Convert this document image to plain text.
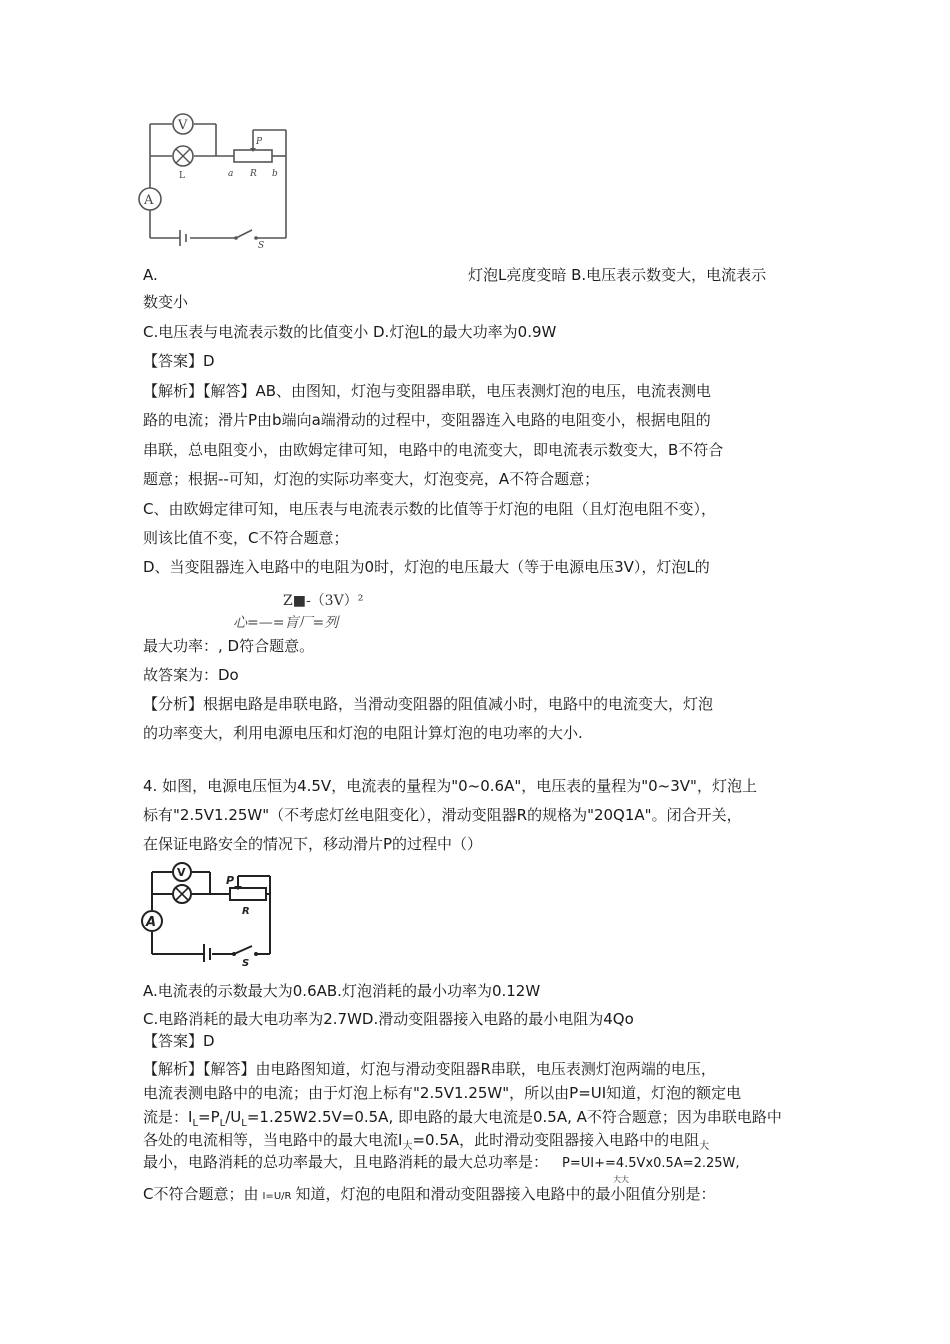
V
A
P
L	a R b
S
A.	灯泡L亮度变暗 B.电压表示数变大，电流表示
数变小
C.电压表与电流表示数的比值变小 D.灯泡L的最大功率为0.9W
【答案】D
【解析】【解答】AB、由图知，灯泡与变阻器串联，电压表测灯泡的电压，电流表测电
路的电流；滑片P由b端向a端滑动的过程中，变阻器连入电路的电阻变小，根据电阻的
串联，总电阻变小，由欧姆定律可知，电路中的电流变大，即电流表示数变大，B不符合
题意；根据--可知，灯泡的实际功率变大，灯泡变亮，A不符合题意；
C、由欧姆定律可知，电压表与电流表示数的比值等于灯泡的电阻（且灯泡电阻不变），
则该比值不变，C不符合题意；
D、当变阻器连入电路中的电阻为0时，灯泡的电压最大（等于电源电压3V），灯泡L的
Z■-（3V）²
心=—=肓厂=列
最大功率：, D符合题意。
故答案为：Do
【分析】根据电路是串联电路，当滑动变阻器的阻值减小时，电路中的电流变大，灯泡
的功率变大，利用电源电压和灯泡的电阻计算灯泡的电功率的大小.
4. 如图，电源电压恒为4.5V，电流表的量程为"0~0.6A"，电压表的量程为"0~3V"，灯泡上
标有"2.5V1.25W"（不考虑灯丝电阻变化），滑动变阻器R的规格为"20Q1A"。闭合开关，
在保证电路安全的情况下，移动滑片P的过程中（）
V
A
P
R
S
A.电流表的示数最大为0.6AB.灯泡消耗的最小功率为0.12W
C.电路消耗的最大电功率为2.7WD.滑动变阻器接入电路的最小电阻为4Qo
【答案】D
【解析】【解答】由电路图知道，灯泡与滑动变阻器R串联，电压表测灯泡两端的电压，
电流表测电路中的电流；由于灯泡上标有"2.5V1.25W"，所以由P=UI知道，灯泡的额定电
流是：$I_L=P_L/U_L=1.25W2.5V=0.5A$, 即电路的最大电流是0.5A, A不符合题意；因为串联电路中
各处的电流相等，当电路中的最大电流$I_大=0.5A$，此时滑动变阻器接入电路中的电阻$_大$
最小，电路消耗的总功率最大，且电路消耗的最大总功率是： P=UI+=4.5Vx0.5A=2.25W,
大大
C不符合题意；由 I=U/R 知道，灯泡的电阻和滑动变阻器接入电路中的最小阻值分别是：
